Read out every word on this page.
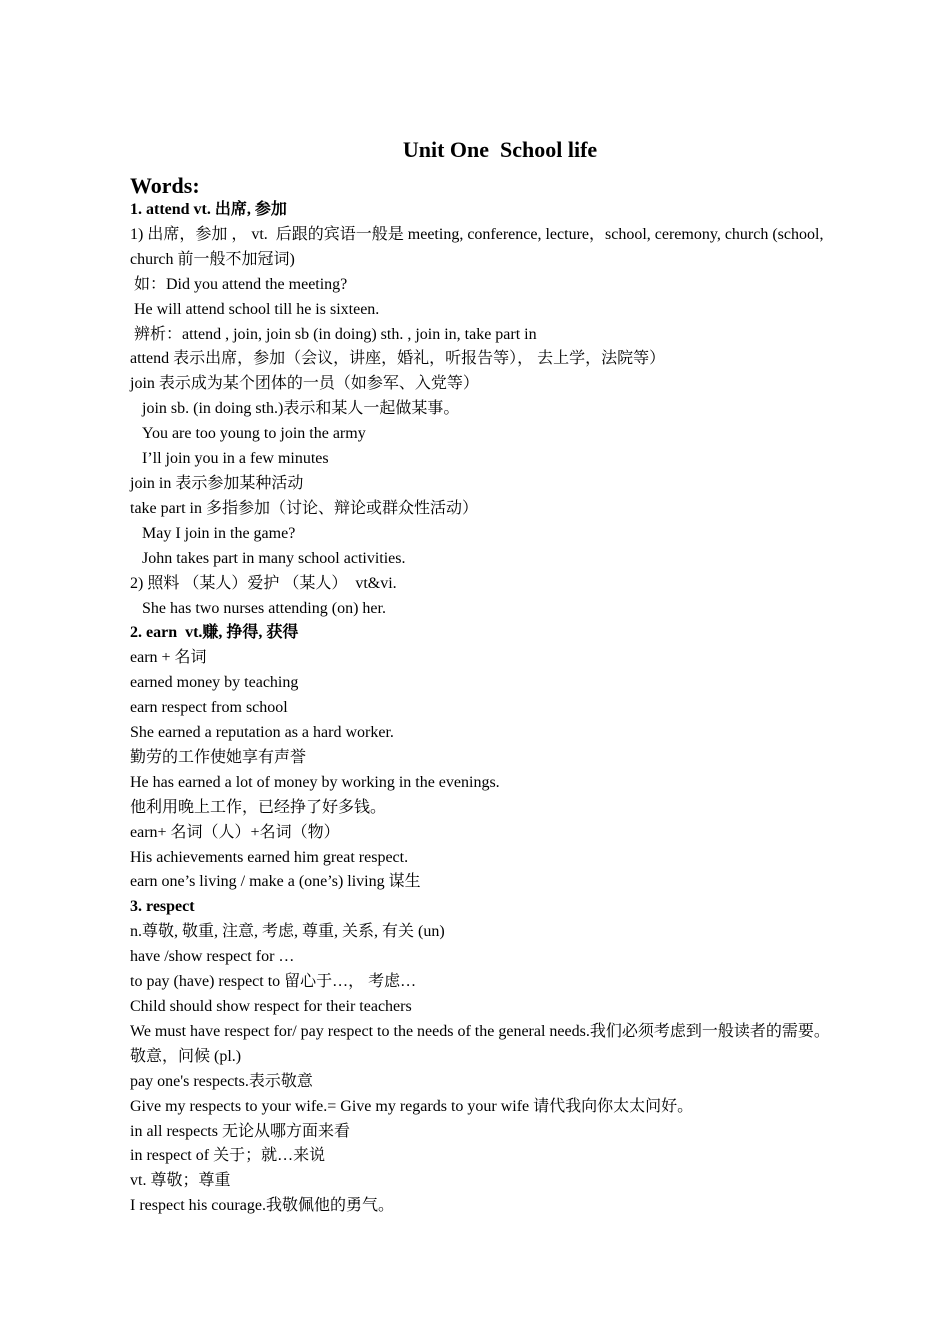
Unit One  School life
Words:
1. attend vt. 出席, 参加
1) 出席，参加 ， vt.  后跟的宾语一般是 meeting, conference, lecture，school, ceremony, church (school, church 前一般不加冠词)
如：Did you attend the meeting?
He will attend school till he is sixteen.
辨析：attend , join, join sb (in doing) sth. , join in, take part in
attend 表示出席，参加（会议，讲座，婚礼，听报告等）， 去上学，法院等）
join 表示成为某个团体的一员（如参军、入党等）
join sb. (in doing sth.)表示和某人一起做某事。
You are too young to join the army
I’ll join you in a few minutes
join in 表示参加某种活动
take part in 多指参加（讨论、辩论或群众性活动）
May I join in the game?
John takes part in many school activities.
2) 照料 （某人）爱护 （某人）  vt&vi.
She has two nurses attending (on) her.
2. earn  vt.赚, 挣得, 获得
earn + 名词
earned money by teaching
earn respect from school
She earned a reputation as a hard worker.
勤劳的工作使她享有声誉
He has earned a lot of money by working in the evenings.
他利用晚上工作，已经挣了好多钱。
earn+ 名词（人）+名词（物）
His achievements earned him great respect.
earn one’s living / make a (one’s) living 谋生
3. respect
n.尊敬, 敬重, 注意, 考虑, 尊重, 关系, 有关 (un)
have /show respect for …
to pay (have) respect to 留心于…， 考虑…
Child should show respect for their teachers
We must have respect for/ pay respect to the needs of the general needs.我们必须考虑到一般读者的需要。
敬意，问候 (pl.)
pay one's respects.表示敬意
Give my respects to your wife.= Give my regards to your wife 请代我向你太太问好。
in all respects 无论从哪方面来看
in respect of 关于；就…来说
vt. 尊敬；尊重
I respect his courage.我敬佩他的勇气。
